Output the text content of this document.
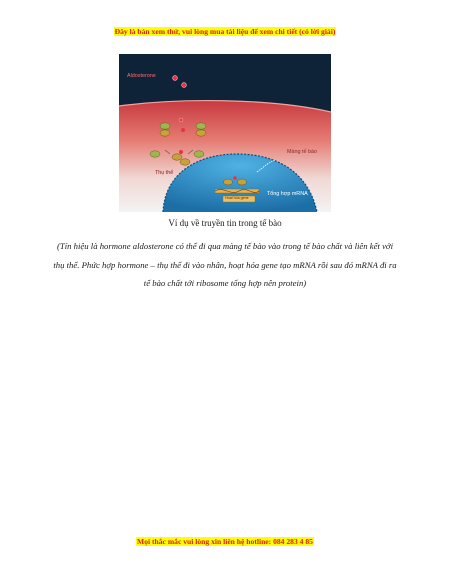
Đây là bản xem thử, vui lòng mua tài liệu để xem chi tiết (có lời giải)
Aldosterone
Màng tế bào
Thụ thể
Tổng hợp mRNA
Hoạt hóa gene
Ví dụ về truyền tin trong tế bào
(Tín hiệu là hormone aldosterone có thể đi qua màng tế bào vào trong tế bào chất và liên kết với thụ thể. Phức hợp hormone – thụ thể đi vào nhân, hoạt hóa gene tạo mRNA rồi sau đó mRNA đi ra tế bào chất tới ribosome tổng hợp nên protein)
Mọi thắc mắc vui lòng xin liên hệ hotline: 084 283 4 85
